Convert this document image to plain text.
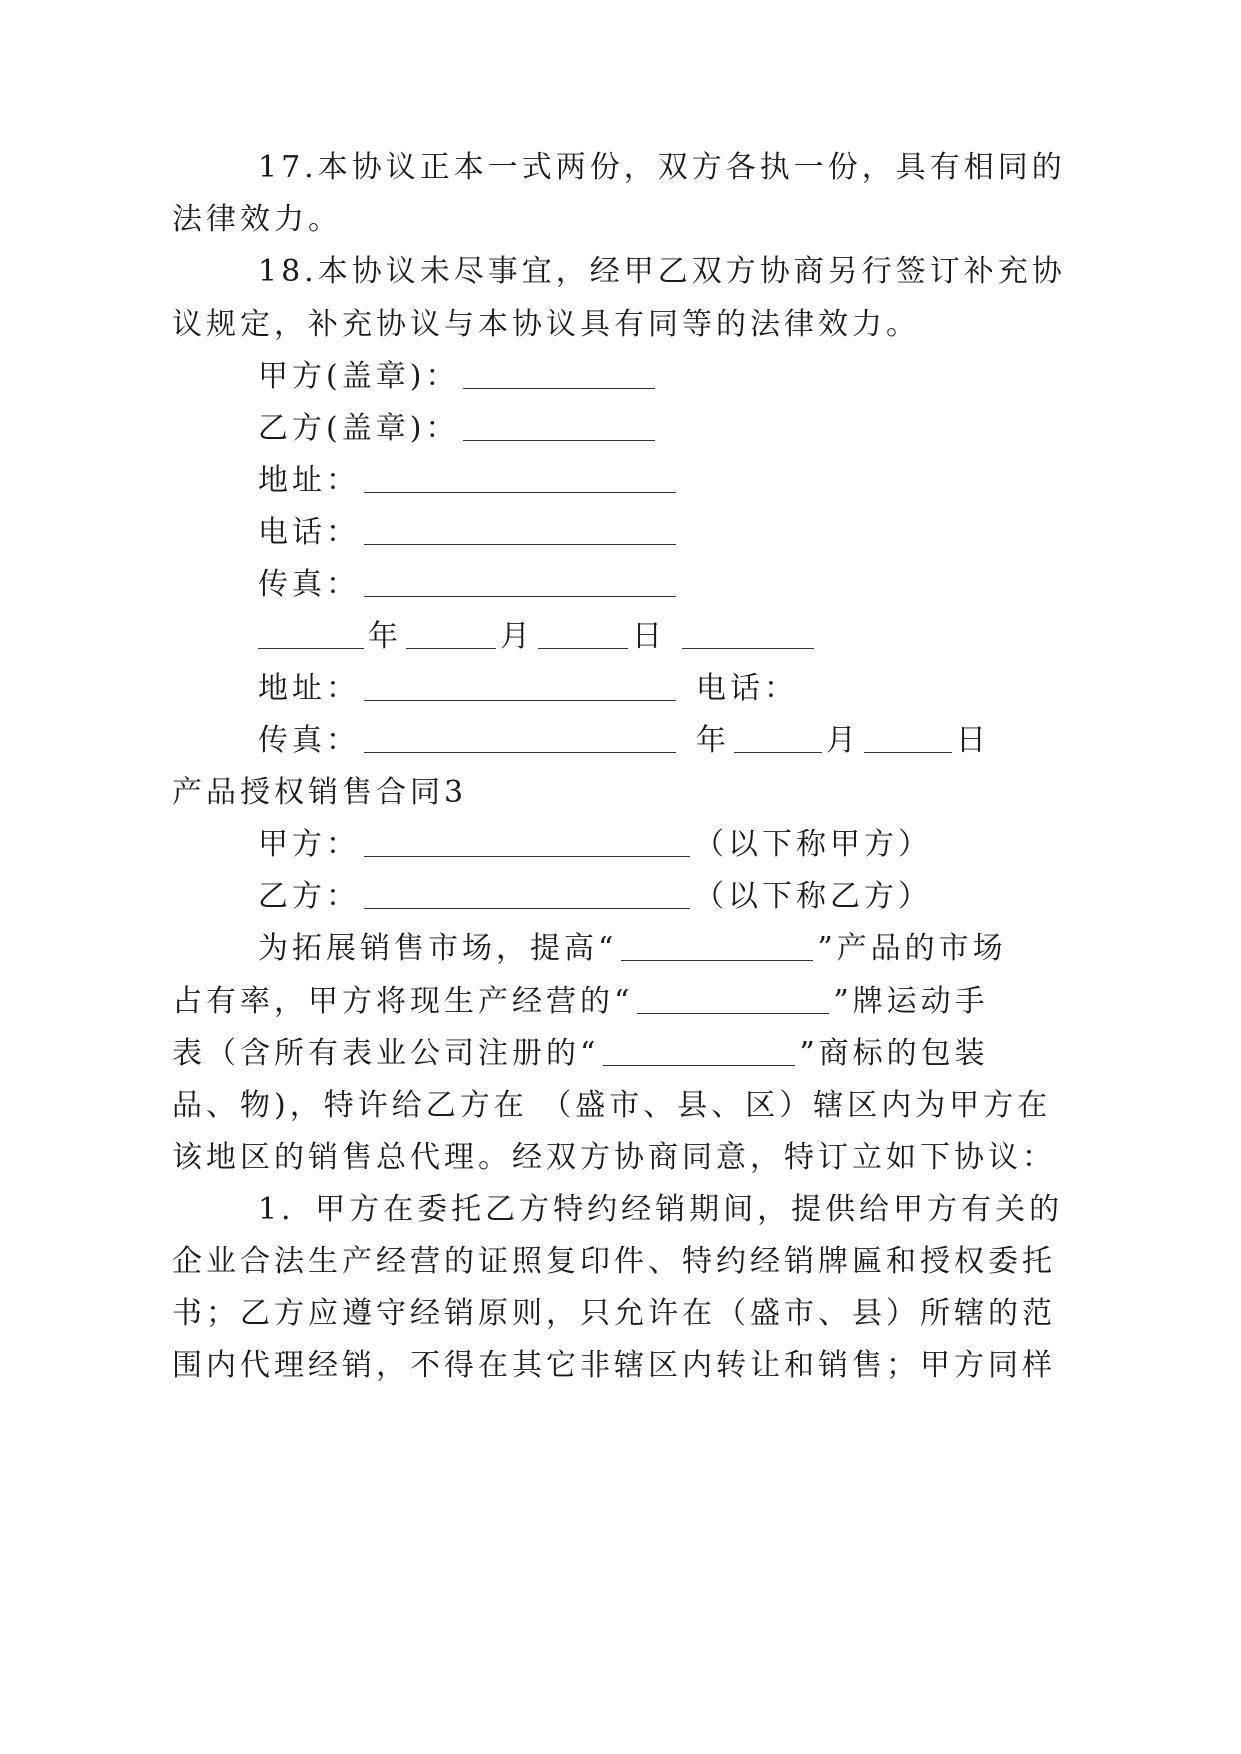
17.本协议正本一式两份，双方各执一份，具有相同的
法律效力。
18.本协议未尽事宜，经甲乙双方协商另行签订补充协
议规定，补充协议与本协议具有同等的法律效力。
甲方(盖章)：
乙方(盖章)：
地址：
电话：
传真：
年	月	日
地址：	电话：
传真：	年	月	日
产品授权销售合同3
甲方：	（以下称甲方）
乙方：	（以下称乙方）
为拓展销售市场，提高“	”产品的市场
占有率，甲方将现生产经营的“	”牌运动手
表（含所有表业公司注册的“	”商标的包装
品、物)，特许给乙方在 （盛市、县、区）辖区内为甲方在
该地区的销售总代理。经双方协商同意，特订立如下协议：
1．甲方在委托乙方特约经销期间，提供给甲方有关的
企业合法生产经营的证照复印件、特约经销牌匾和授权委托
书；乙方应遵守经销原则，只允许在（盛市、县）所辖的范
围内代理经销，不得在其它非辖区内转让和销售；甲方同样
